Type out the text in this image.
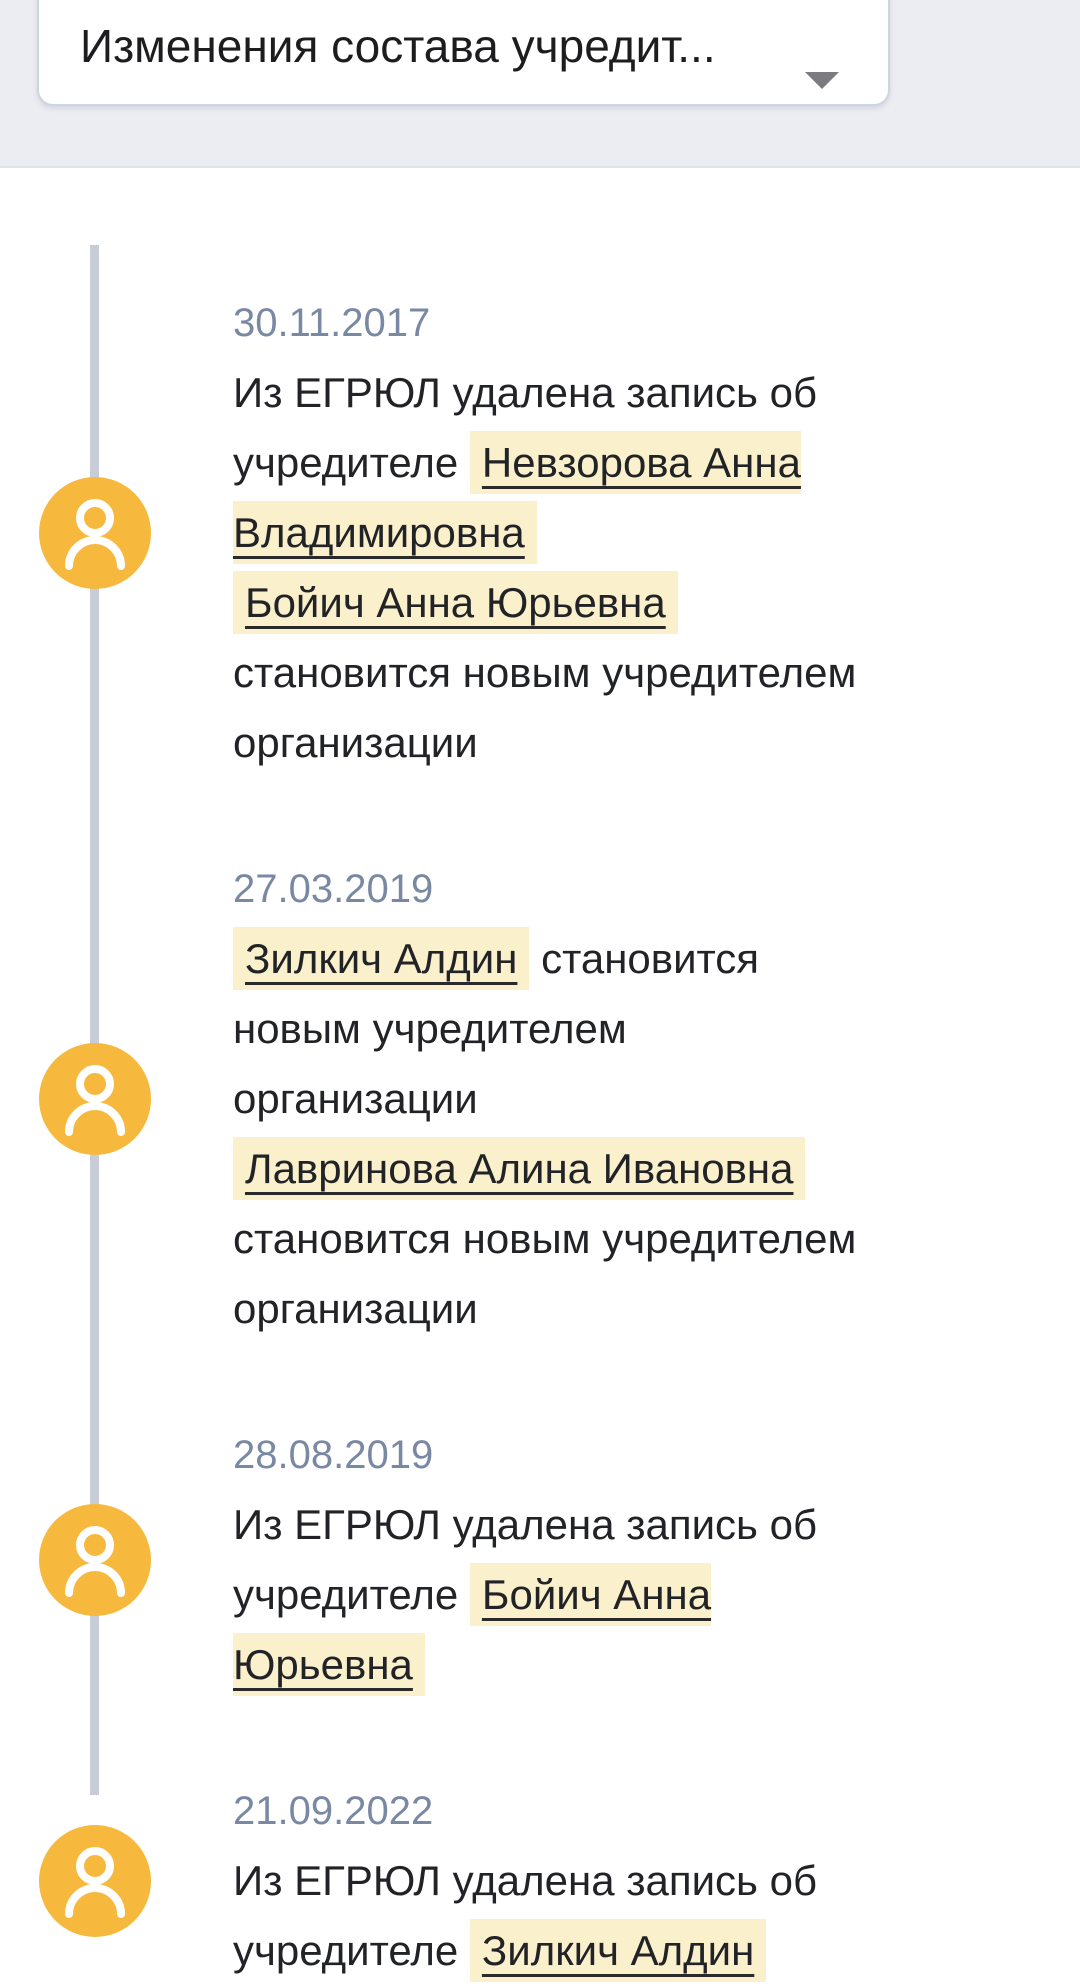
Изменения состава учредит...
30.11.2017
Из ЕГРЮЛ удалена запись об учредителе Невзорова Анна Владимировна
Бойич Анна Юрьевна становится новым учредителем организации
27.03.2019
Зилкич Алдин становится новым учредителем организации
Лавринова Алина Ивановна становится новым учредителем организации
28.08.2019
Из ЕГРЮЛ удалена запись об учредителе Бойич Анна Юрьевна
21.09.2022
Из ЕГРЮЛ удалена запись об учредителе Зилкич Алдин
